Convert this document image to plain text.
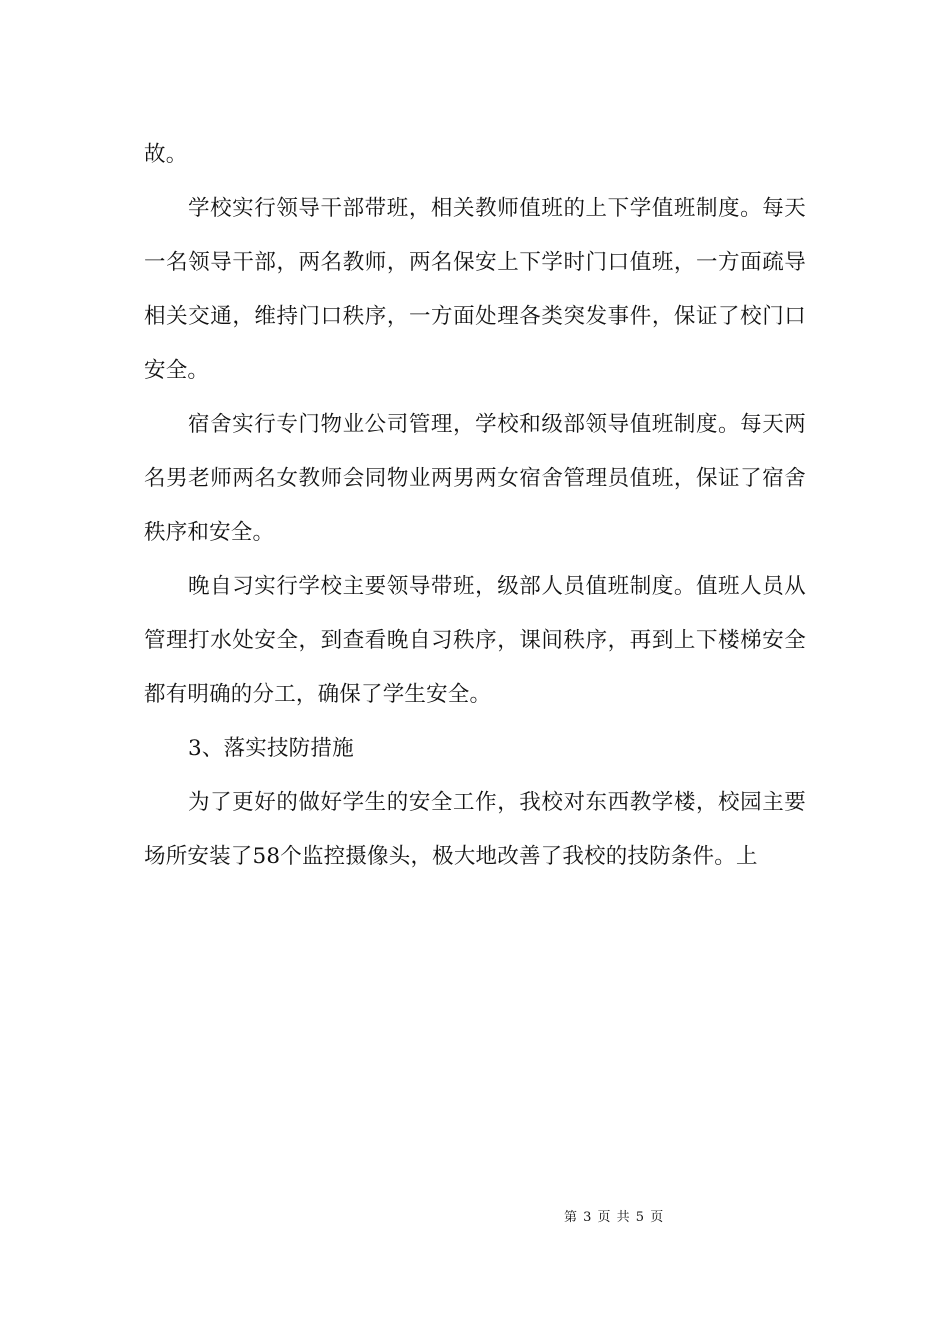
故。

学校实行领导干部带班，相关教师值班的上下学值班制度。每天一名领导干部，两名教师，两名保安上下学时门口值班，一方面疏导相关交通，维持门口秩序，一方面处理各类突发事件，保证了校门口安全。

宿舍实行专门物业公司管理，学校和级部领导值班制度。每天两名男老师两名女教师会同物业两男两女宿舍管理员值班，保证了宿舍秩序和安全。

晚自习实行学校主要领导带班，级部人员值班制度。值班人员从管理打水处安全，到查看晚自习秩序，课间秩序，再到上下楼梯安全都有明确的分工，确保了学生安全。

3、落实技防措施

为了更好的做好学生的安全工作，我校对东西教学楼，校园主要场所安装了58个监控摄像头，极大地改善了我校的技防条件。上

第 3 页 共 5 页
